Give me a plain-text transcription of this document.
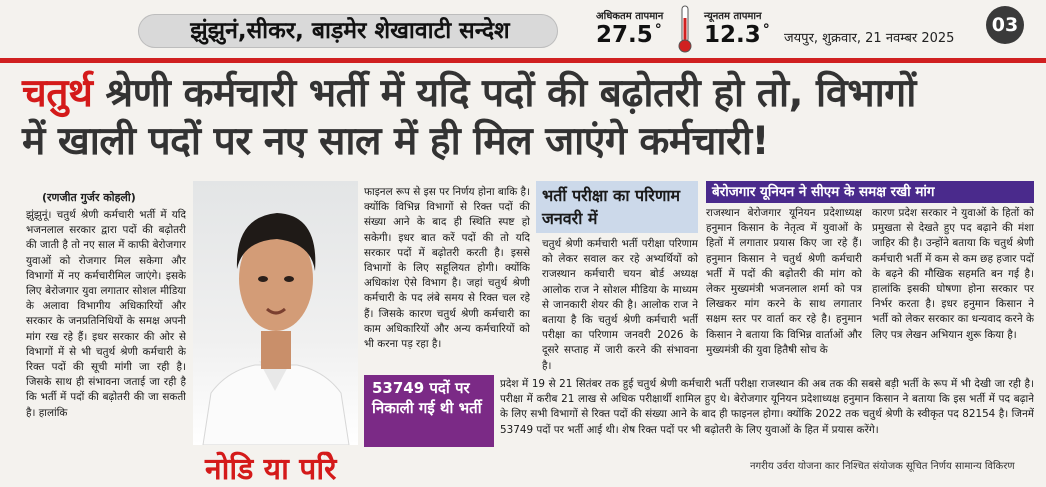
झुंझुनं,सीकर, बाड़मेर शेखावाटी सन्देश
अधिकतम तापमान
27.5 °
न्यूनतम तापमान
12.3 °
जयपुर, शुक्रवार, 21 नवम्बर 2025
03
चतुर्थ श्रेणी कर्मचारी भर्ती में यदि पदों की बढ़ोतरी हो तो, विभागों
में खाली पदों पर नए साल में ही मिल जाएंगे कर्मचारी!
(रणजीत गुर्जर कोहली)
झुंझुनूं। चतुर्थ श्रेणी कर्मचारी भर्ती में यदि भजनलाल सरकार द्वारा पदों की बढ़ोतरी की जाती है तो नए साल में काफी बेरोजगार युवाओं को रोजगार मिल सकेगा और विभागों में नए कर्मचारीमिल जाएंगे। इसके लिए बेरोजगार युवा लगातार सोशल मीडिया के अलावा विभागीय अधिकारियों और सरकार के जनप्रतिनिधियों के समक्ष अपनी मांग रख रहे हैं। इधर सरकार की ओर से विभागों में से भी चतुर्थ श्रेणी कर्मचारी के रिक्त पदों की सूची मांगी जा रही है। जिसके साथ ही संभावना जताई जा रही है कि भर्ती में पदों की बढ़ोतरी की जा सकती है। हालांकि
फाइनल रूप से इस पर निर्णय होना बाकि है। क्योंकि विभिन्न विभागों से रिक्त पदों की संख्या आने के बाद ही स्थिति स्पष्ट हो सकेगी। इधर बात करें पदों की तो यदि सरकार पदों में बढ़ोतरी करती है। इससे विभागों के लिए सहूलियत होगी। क्योंकि अधिकांश ऐसे विभाग है। जहां चतुर्थ श्रेणी कर्मचारी के पद लंबे समय से रिक्त चल रहे हैं। जिसके कारण चतुर्थ श्रेणी कर्मचारी का काम अधिकारियों और अन्य कर्मचारियों को भी करना पड़ रहा है।
53749 पदों पर निकाली गई थी भर्ती
भर्ती परीक्षा का परिणाम जनवरी में
चतुर्थ श्रेणी कर्मचारी भर्ती परीक्षा परिणाम को लेकर सवाल कर रहे अभ्यर्थियों को राजस्थान कर्मचारी चयन बोर्ड अध्यक्ष आलोक राज ने सोशल मीडिया के माध्यम से जानकारी शेयर की है। आलोक राज ने बताया है कि चतुर्थ श्रेणी कर्मचारी भर्ती परीक्षा का परिणाम जनवरी 2026 के दूसरे सप्ताह में जारी करने की संभावना है।
बेरोजगार यूनियन ने सीएम के समक्ष रखी मांग
राजस्थान बेरोजगार यूनियन प्रदेशाध्यक्ष हनुमान किसान के नेतृत्व में युवाओं के हितों में लगातार प्रयास किए जा रहे हैं। हनुमान किसान ने चतुर्थ श्रेणी कर्मचारी भर्ती में पदों की बढ़ोतरी की मांग को लेकर मुख्यमंत्री भजनलाल शर्मा को पत्र लिखकर मांग करने के साथ लगातार सक्षम स्तर पर वार्ता कर रहे है। हनुमान किसान ने बताया कि विभिन्न वार्ताओं और मुख्यमंत्री की युवा हितैषी सोच के
कारण प्रदेश सरकार ने युवाओं के हितों को प्रमुखता से देखते हुए पद बढ़ाने की मंशा जाहिर की है। उन्होंने बताया कि चतुर्थ श्रेणी कर्मचारी भर्ती में कम से कम छह हजार पदों के बढ़ने की मौखिक सहमति बन गई है। हालांकि इसकी घोषणा होना सरकार पर निर्भर करता है। इधर हनुमान किसान ने भर्ती को लेकर सरकार का धन्यवाद करने के लिए पत्र लेखन अभियान शुरू किया है।
प्रदेश में 19 से 21 सितंबर तक हुई चतुर्थ श्रेणी कर्मचारी भर्ती परीक्षा राजस्थान की अब तक की सबसे बड़ी भर्ती के रूप में भी देखी जा रही है। परीक्षा में करीब 21 लाख से अधिक परीक्षार्थी शामिल हुए थे। बेरोजगार यूनियन प्रदेशाध्यक्ष हनुमान किसान ने बताया कि इस भर्ती में पद बढ़ाने के लिए सभी विभागों से रिक्त पदों की संख्या आने के बाद ही फाइनल होगा। क्योंकि 2022 तक चतुर्थ श्रेणी के स्वीकृत पद 82154 है। जिनमें 53749 पदों पर भर्ती आई थी। शेष रिक्त पदों पर भी बढ़ोतरी के लिए युवाओं के हित में प्रयास करेंगे।
नोडि या परेि	नगरीय उर्वरा योजना कार निश्चित संयोजक सूचित निर्णय सामान्य विकिरण
